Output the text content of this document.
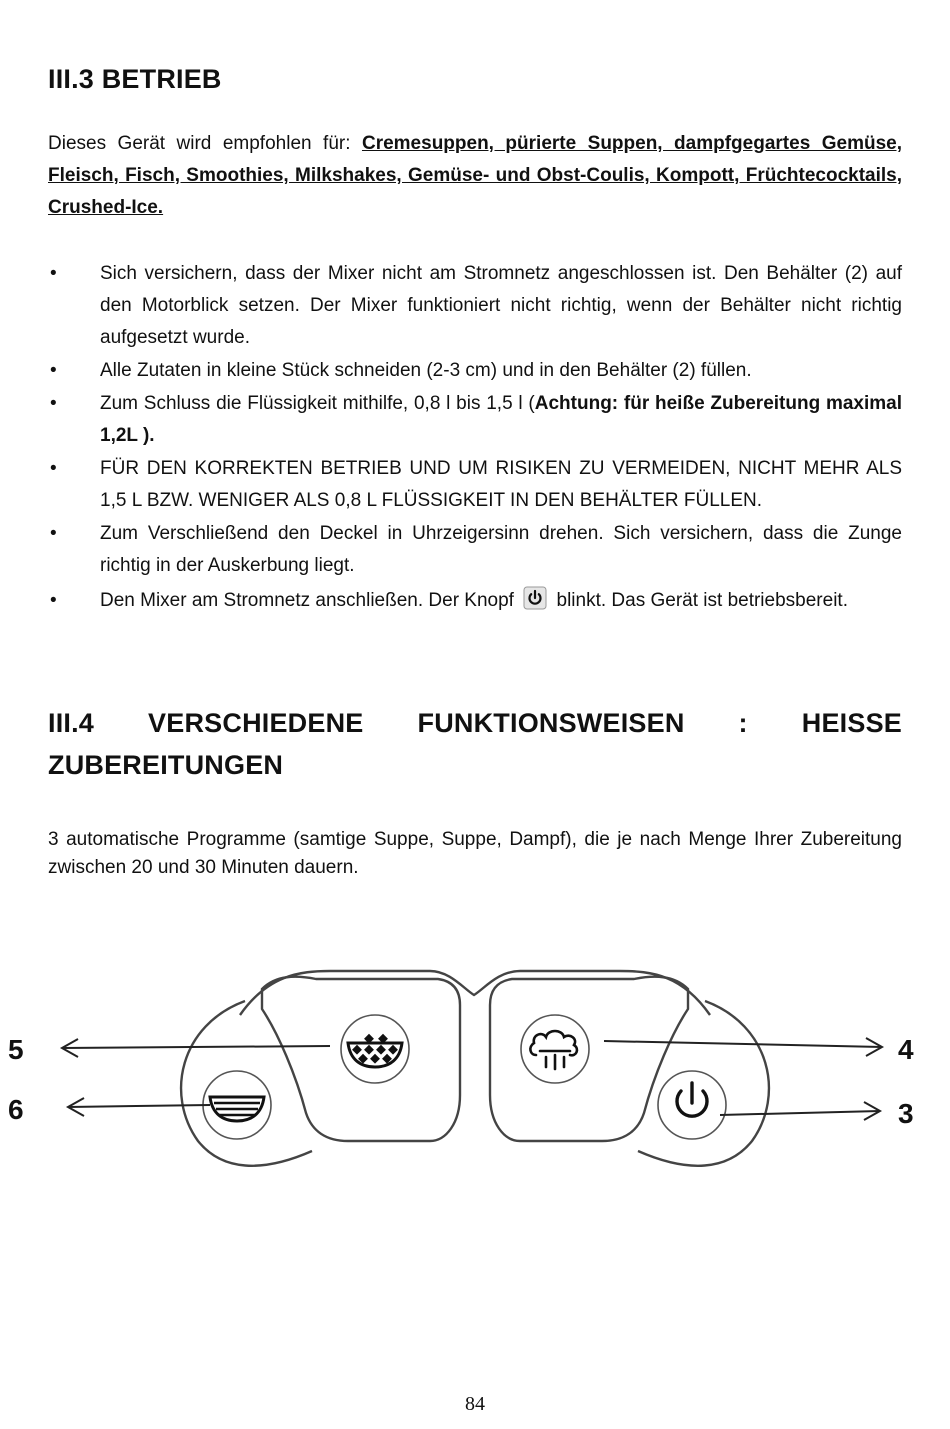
III.3 BETRIEB
Dieses Gerät wird empfohlen für: Cremesuppen, pürierte Suppen, dampfgegartes Gemüse, Fleisch, Fisch, Smoothies, Milkshakes, Gemüse- und Obst-Coulis, Kompott, Früchtecocktails, Crushed-Ice.
• Sich versichern, dass der Mixer nicht am Stromnetz angeschlossen ist. Den Behälter (2) auf den Motorblick setzen. Der Mixer funktioniert nicht richtig, wenn der Behälter nicht richtig aufgesetzt wurde.
• Alle Zutaten in kleine Stück schneiden (2-3 cm) und in den Behälter (2) füllen.
• Zum Schluss die Flüssigkeit mithilfe, 0,8 l bis 1,5 l (Achtung: für heiße Zubereitung maximal 1,2L ).
• FÜR DEN KORREKTEN BETRIEB UND UM RISIKEN ZU VERMEIDEN, NICHT MEHR ALS 1,5 L BZW. WENIGER ALS 0,8 L FLÜSSIGKEIT IN DEN BEHÄLTER FÜLLEN.
• Zum Verschließend den Deckel in Uhrzeigersinn drehen. Sich versichern, dass die Zunge richtig in der Auskerbung liegt.
• Den Mixer am Stromnetz anschließen. Der Knopf blinkt. Das Gerät ist betriebsbereit.
III.4 VERSCHIEDENE FUNKTIONSWEISEN : HEISSE ZUBEREITUNGEN
3 automatische Programme (samtige Suppe, Suppe, Dampf), die je nach Menge Ihrer Zubereitung zwischen 20 und 30 Minuten dauern.
5
6
4
3
84
